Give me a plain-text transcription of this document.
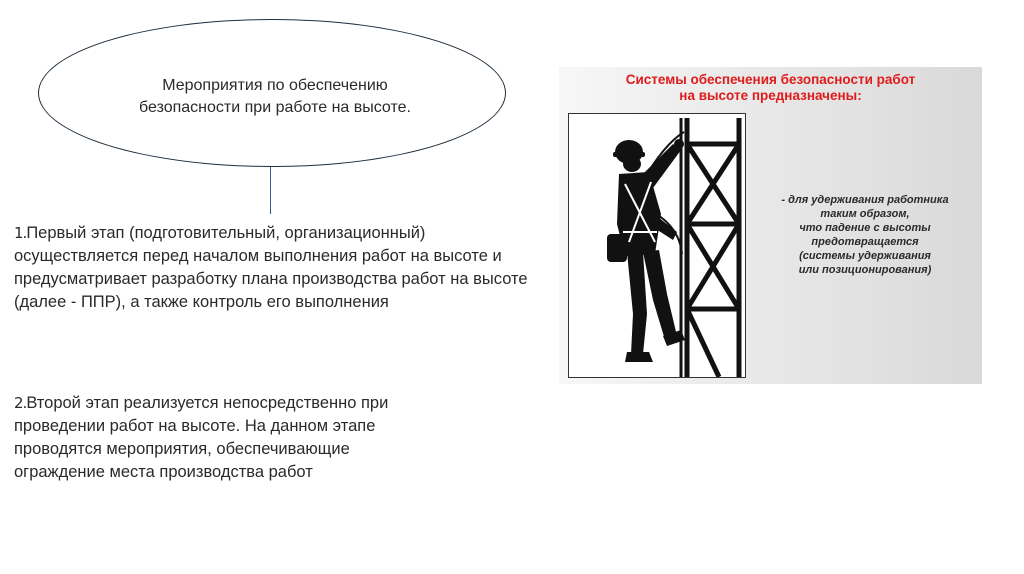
Мероприятия по обеспечению
безопасности при работе на высоте.
1.Первый этап (подготовительный, организационный) осуществляется перед началом выполнения работ на высоте и предусматривает разработку плана производства работ на высоте (далее - ППР), а также контроль его выполнения
2.Второй этап реализуется непосредственно при проведении работ на высоте. На данном этапе проводятся мероприятия, обеспечивающие ограждение места производства работ
Системы обеспечения безопасности работ
на высоте предназначены:
- для удерживания работника
таким образом,
что падение с высоты
предотвращается
(системы удерживания
или позиционирования)
